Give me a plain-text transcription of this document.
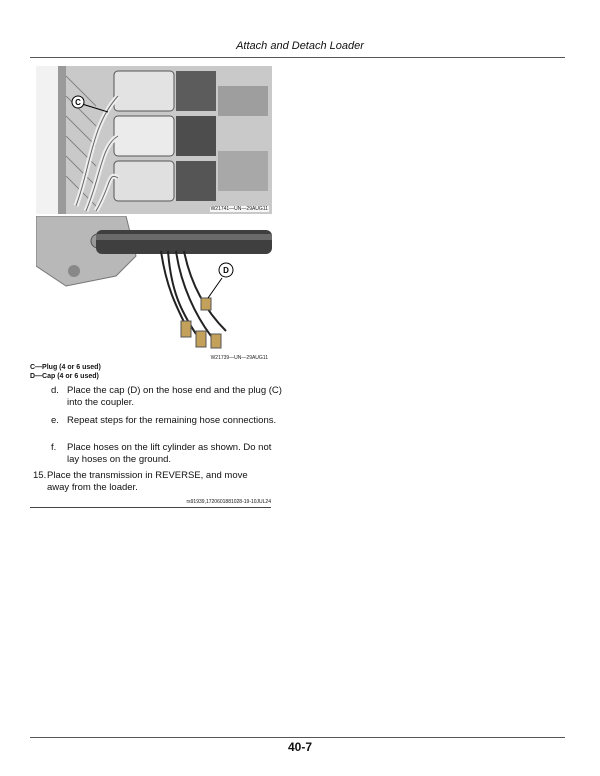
Attach and Detach Loader
C
W21741—UN—29AUG11
D
W21739—UN—29AUG11
C—Plug (4 or 6 used)
D—Cap (4 or 6 used)
d. Place the cap (D) on the hose end and the plug (C) into the coupler.
e. Repeat steps for the remaining hose connections.
f. Place hoses on the lift cylinder as shown. Do not lay hoses on the ground.
15. Place the transmission in REVERSE, and move away from the loader.
rs91939,1720601881028-19-10JUL24
40-7
